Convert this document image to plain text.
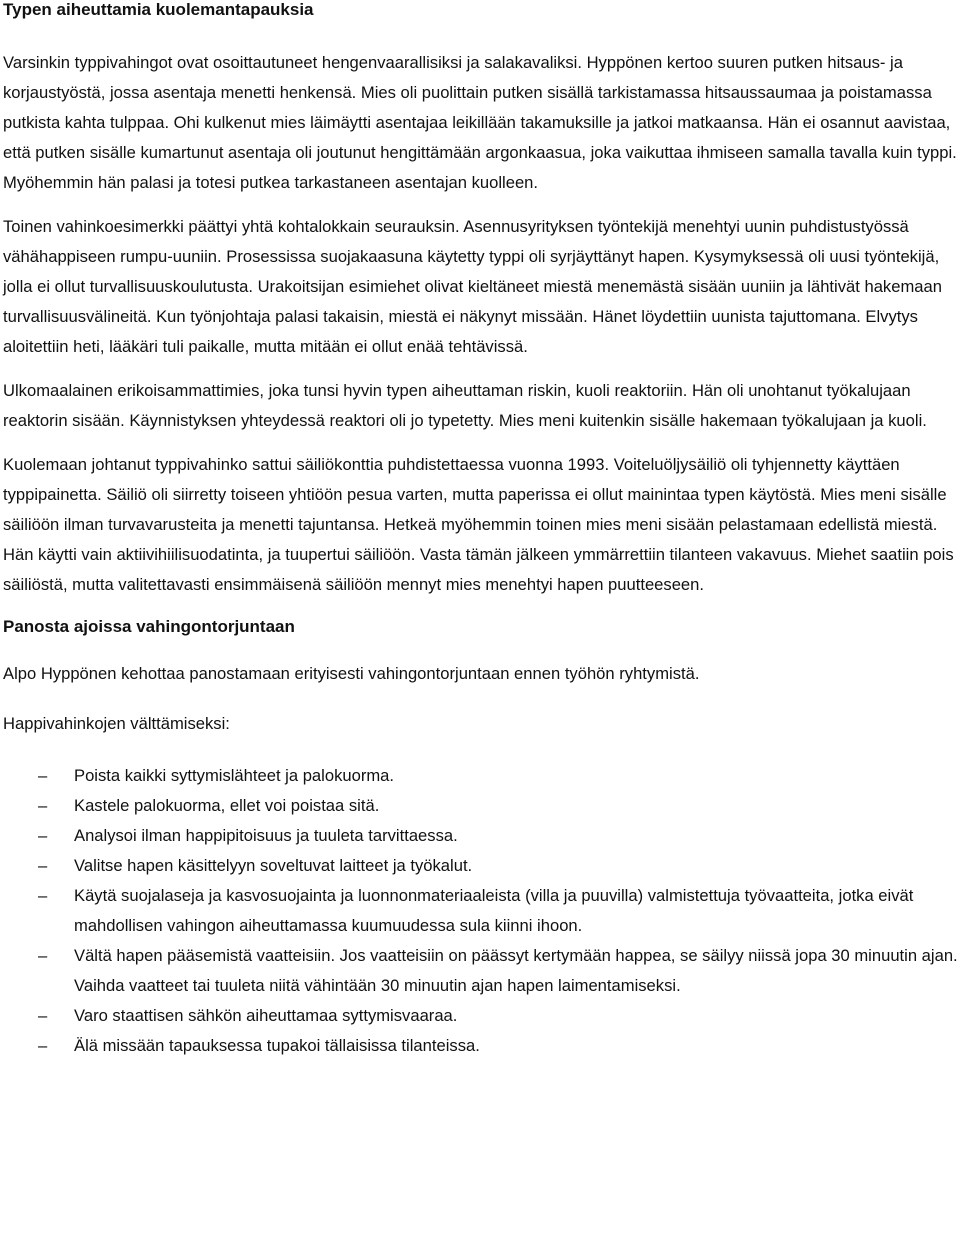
Typen aiheuttamia kuolemantapauksia

Varsinkin typpivahingot ovat osoittautuneet hengenvaarallisiksi ja salakavaliksi. Hyppönen kertoo suuren putken hitsaus- ja korjaustyöstä, jossa asentaja menetti henkensä. Mies oli puolittain putken sisällä tarkistamassa hitsaussaumaa ja poistamassa putkista kahta tulppaa. Ohi kulkenut mies läimäytti asentajaa leikillään takamuksille ja jatkoi matkaansa. Hän ei osannut aavistaa, että putken sisälle kumartunut asentaja oli joutunut hengittämään argonkaasua, joka vaikuttaa ihmiseen samalla tavalla kuin typpi. Myöhemmin hän palasi ja totesi putkea tarkastaneen asentajan kuolleen.

Toinen vahinkoesimerkki päättyi yhtä kohtalokkain seurauksin. Asennusyrityksen työntekijä menehtyi uunin puhdistustyössä vähähappiseen rumpu-uuniin. Prosessissa suojakaasuna käytetty typpi oli syrjäyttänyt hapen. Kysymyksessä oli uusi työntekijä, jolla ei ollut turvallisuuskoulutusta. Urakoitsijan esimiehet olivat kieltäneet miestä menemästä sisään uuniin ja lähtivät hakemaan turvallisuusvälineitä. Kun työnjohtaja palasi takaisin, miestä ei näkynyt missään. Hänet löydettiin uunista tajuttomana. Elvytys aloitettiin heti, lääkäri tuli paikalle, mutta mitään ei ollut enää tehtävissä.

Ulkomaalainen erikoisammattimies, joka tunsi hyvin typen aiheuttaman riskin, kuoli reaktoriin. Hän oli unohtanut työkalujaan reaktorin sisään. Käynnistyksen yhteydessä reaktori oli jo typetetty. Mies meni kuitenkin sisälle hakemaan työkalujaan ja kuoli.

Kuolemaan johtanut typpivahinko sattui säiliökonttia puhdistettaessa vuonna 1993. Voiteluöljysäiliö oli tyhjennetty käyttäen typpipainetta. Säiliö oli siirretty toiseen yhtiöön pesua varten, mutta paperissa ei ollut mainintaa typen käytöstä. Mies meni sisälle säiliöön ilman turvavarusteita ja menetti tajuntansa. Hetkeä myöhemmin toinen mies meni sisään pelastamaan edellistä miestä. Hän käytti vain aktiivihiilisuodatinta, ja tuupertui säiliöön. Vasta tämän jälkeen ymmärrettiin tilanteen vakavuus. Miehet saatiin pois säiliöstä, mutta valitettavasti ensimmäisenä säiliöön mennyt mies menehtyi hapen puutteeseen.

Panosta ajoissa vahingontorjuntaan

Alpo Hyppönen kehottaa panostamaan erityisesti vahingontorjuntaan ennen työhön ryhtymistä.

Happivahinkojen välttämiseksi:

– Poista kaikki syttymislähteet ja palokuorma.
– Kastele palokuorma, ellet voi poistaa sitä.
– Analysoi ilman happipitoisuus ja tuuleta tarvittaessa.
– Valitse hapen käsittelyyn soveltuvat laitteet ja työkalut.
– Käytä suojalaseja ja kasvosuojainta ja luonnonmateriaaleista (villa ja puuvilla) valmistettuja työvaatteita, jotka eivät mahdollisen vahingon aiheuttamassa kuumuudessa sula kiinni ihoon.
– Vältä hapen pääsemistä vaatteisiin. Jos vaatteisiin on päässyt kertymään happea, se säilyy niissä jopa 30 minuutin ajan. Vaihda vaatteet tai tuuleta niitä vähintään 30 minuutin ajan hapen laimentamiseksi.
– Varo staattisen sähkön aiheuttamaa syttymisvaaraa.
– Älä missään tapauksessa tupakoi tällaisissa tilanteissa.
